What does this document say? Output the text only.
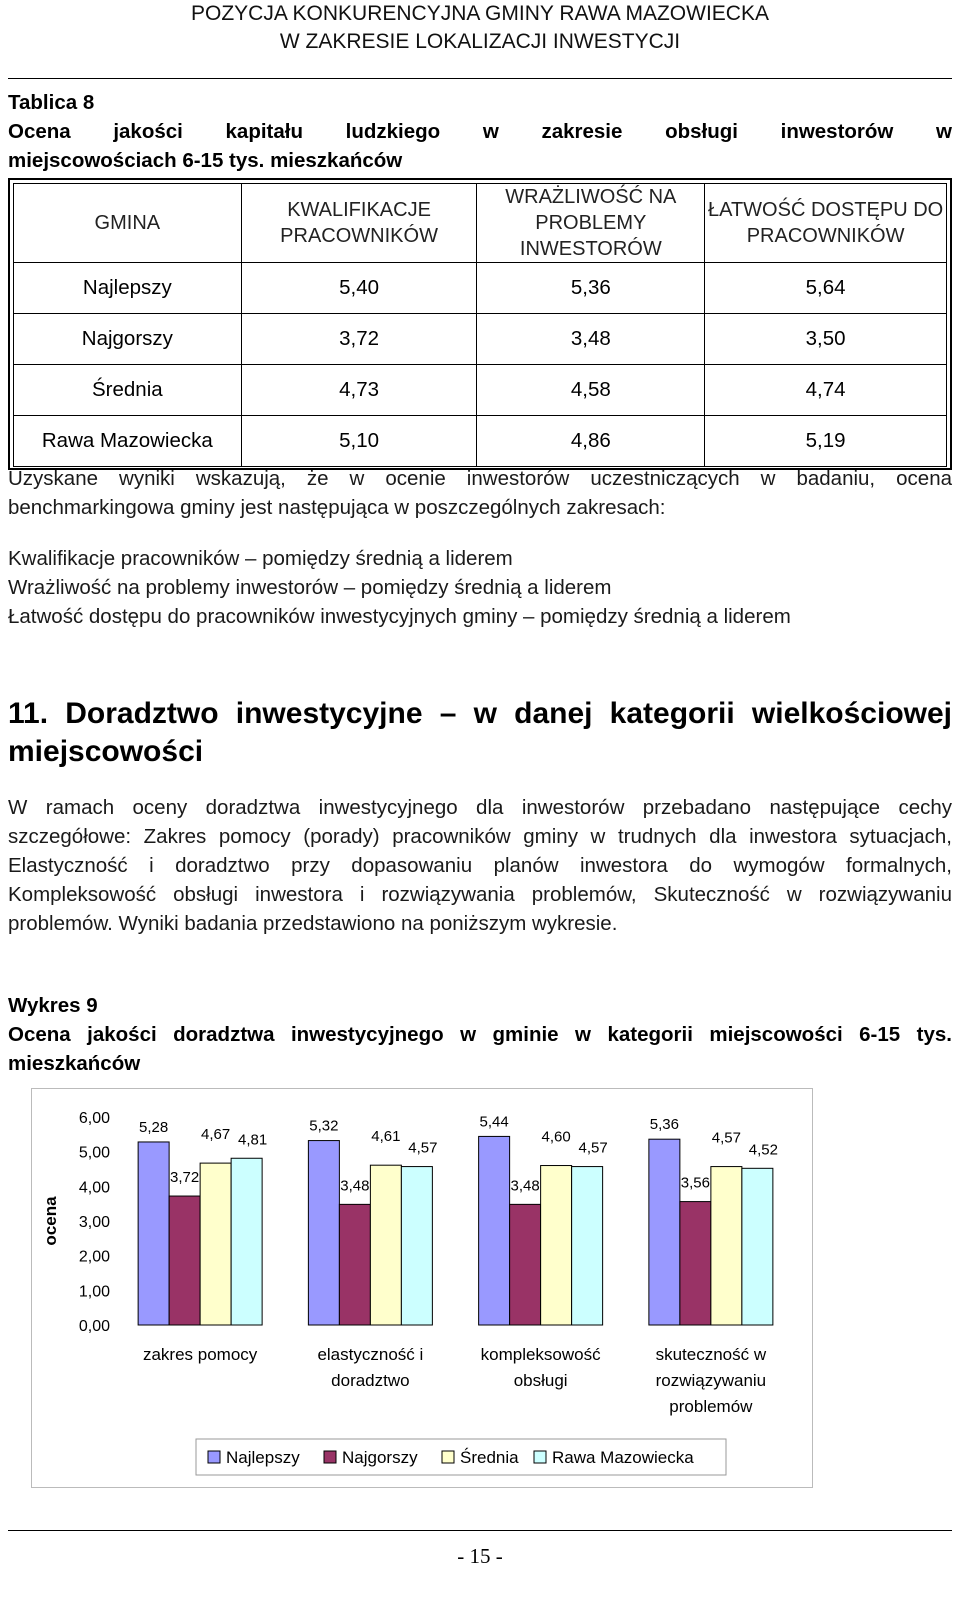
POZYCJA KONKURENCYJNA GMINY RAWA MAZOWIECKA
W ZAKRESIE LOKALIZACJI INWESTYCJI
Tablica 8
Ocena jakości kapitału ludzkiego w zakresie obsługi inwestorów w
miejscowościach 6-15 tys. mieszkańców
GMINA	KWALIFIKACJE PRACOWNIKÓW	WRAŻLIWOŚĆ NA PROBLEMY INWESTORÓW	ŁATWOŚĆ DOSTĘPU DO PRACOWNIKÓW
Najlepszy	5,40	5,36	5,64
Najgorszy	3,72	3,48	3,50
Średnia	4,73	4,58	4,74
Rawa Mazowiecka	5,10	4,86	5,19
Uzyskane wyniki wskazują, że w ocenie inwestorów uczestniczących w badaniu, ocena benchmarkingowa gminy jest następująca w poszczególnych zakresach:
Kwalifikacje pracowników – pomiędzy średnią a liderem
Wrażliwość na problemy inwestorów – pomiędzy średnią a liderem
Łatwość dostępu do pracowników inwestycyjnych gminy – pomiędzy średnią a liderem
11. Doradztwo inwestycyjne – w danej kategorii wielkościowej miejscowości
W ramach oceny doradztwa inwestycyjnego dla inwestorów przebadano następujące cechy szczegółowe: Zakres pomocy (porady) pracowników gminy w trudnych dla inwestora sytuacjach, Elastyczność i doradztwo przy dopasowaniu planów inwestora do wymogów formalnych, Kompleksowość obsługi inwestora i rozwiązywania problemów, Skuteczność w rozwiązywaniu problemów. Wyniki badania przedstawiono na poniższym wykresie.
Wykres 9
Ocena jakości doradztwa inwestycyjnego w gminie w kategorii miejscowości 6-15 tys. mieszkańców
ocena
0,00
1,00
2,00
3,00
4,00
5,00
6,00
5,28	5,32	5,44	5,36
3,72	3,48	3,48	3,56
4,67	4,61	4,60	4,57
4,81	4,57	4,57	4,52
zakres pomocy	elastyczność i
doradztwo
kompleksowość
obsługi
skuteczność w
rozwiązywaniu
problemów
Najlepszy Najgorszy Średnia Rawa Mazowiecka
- 15 -
